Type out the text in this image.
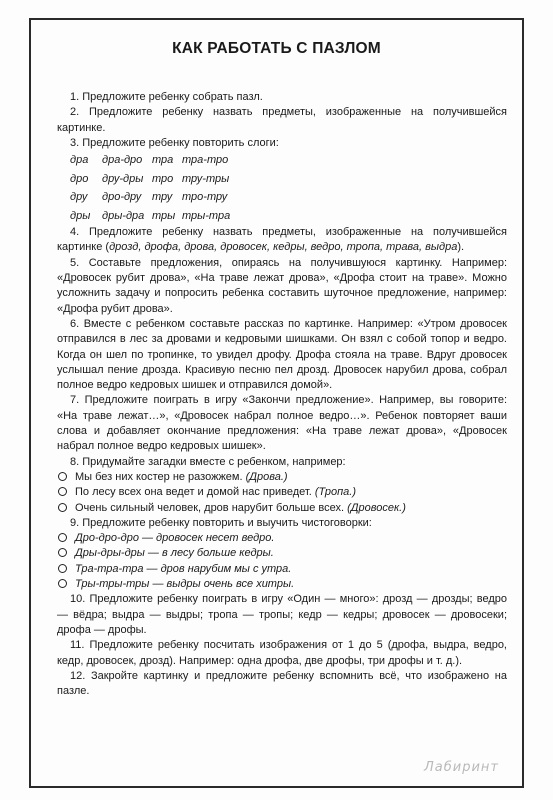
КАК РАБОТАТЬ С ПАЗЛОМ

1. Предложите ребенку собрать пазл.

2. Предложите ребенку назвать предметы, изображенные на получившейся картинке.

3. Предложите ребенку повторить слоги:

дра	дра-дро тра тра-тро
дро	дру-дры тро тру-тры
дру	дро-дру тру тро-тру
дры	дры-дра тры тры-тра

4. Предложите ребенку назвать предметы, изображенные на получившейся картинке (дрозд, дрофа, дрова, дровосек, кедры, ведро, тропа, трава, выдра).

5. Составьте предложения, опираясь на получившуюся картинку. Например: «Дровосек рубит дрова», «На траве лежат дрова», «Дрофа стоит на траве». Можно усложнить задачу и попросить ребенка составить шуточное предложение, например: «Дрофа рубит дрова».

6. Вместе с ребенком составьте рассказ по картинке. Например: «Утром дровосек отправился в лес за дровами и кедровыми шишками. Он взял с собой топор и ведро. Когда он шел по тропинке, то увидел дрофу. Дрофа стояла на траве. Вдруг дровосек услышал пение дрозда. Красивую песню пел дрозд. Дровосек нарубил дрова, собрал полное ведро кедровых шишек и отправился домой».

7. Предложите поиграть в игру «Закончи предложение». Например, вы говорите: «На траве лежат…», «Дровосек набрал полное ведро…». Ребенок повторяет ваши слова и добавляет окончание предложения: «На траве лежат дрова», «Дровосек набрал полное ведро кедровых шишек».

8. Придумайте загадки вместе с ребенком, например:

Мы без них костер не разожжем. (Дрова.)
По лесу всех она ведет и домой нас приведет. (Тропа.)
Очень сильный человек, дров нарубит больше всех. (Дровосек.)

9. Предложите ребенку повторить и выучить чистоговорки:

Дро-дро-дро — дровосек несет ведро.
Дры-дры-дры — в лесу больше кедры.
Тра-тра-тра — дров нарубим мы с утра.
Тры-тры-тры — выдры очень все хитры.

10. Предложите ребенку поиграть в игру «Один — много»: дрозд — дрозды; ведро — вёдра; выдра — выдры; тропа — тропы; кедр — кедры; дровосек — дровосеки; дрофа — дрофы.

11. Предложите ребенку посчитать изображения от 1 до 5 (дрофа, выдра, ведро, кедр, дровосек, дрозд). Например: одна дрофа, две дрофы, три дрофы и т. д.).

12. Закройте картинку и предложите ребенку вспомнить всё, что изображено на пазле.

Лабиринт
